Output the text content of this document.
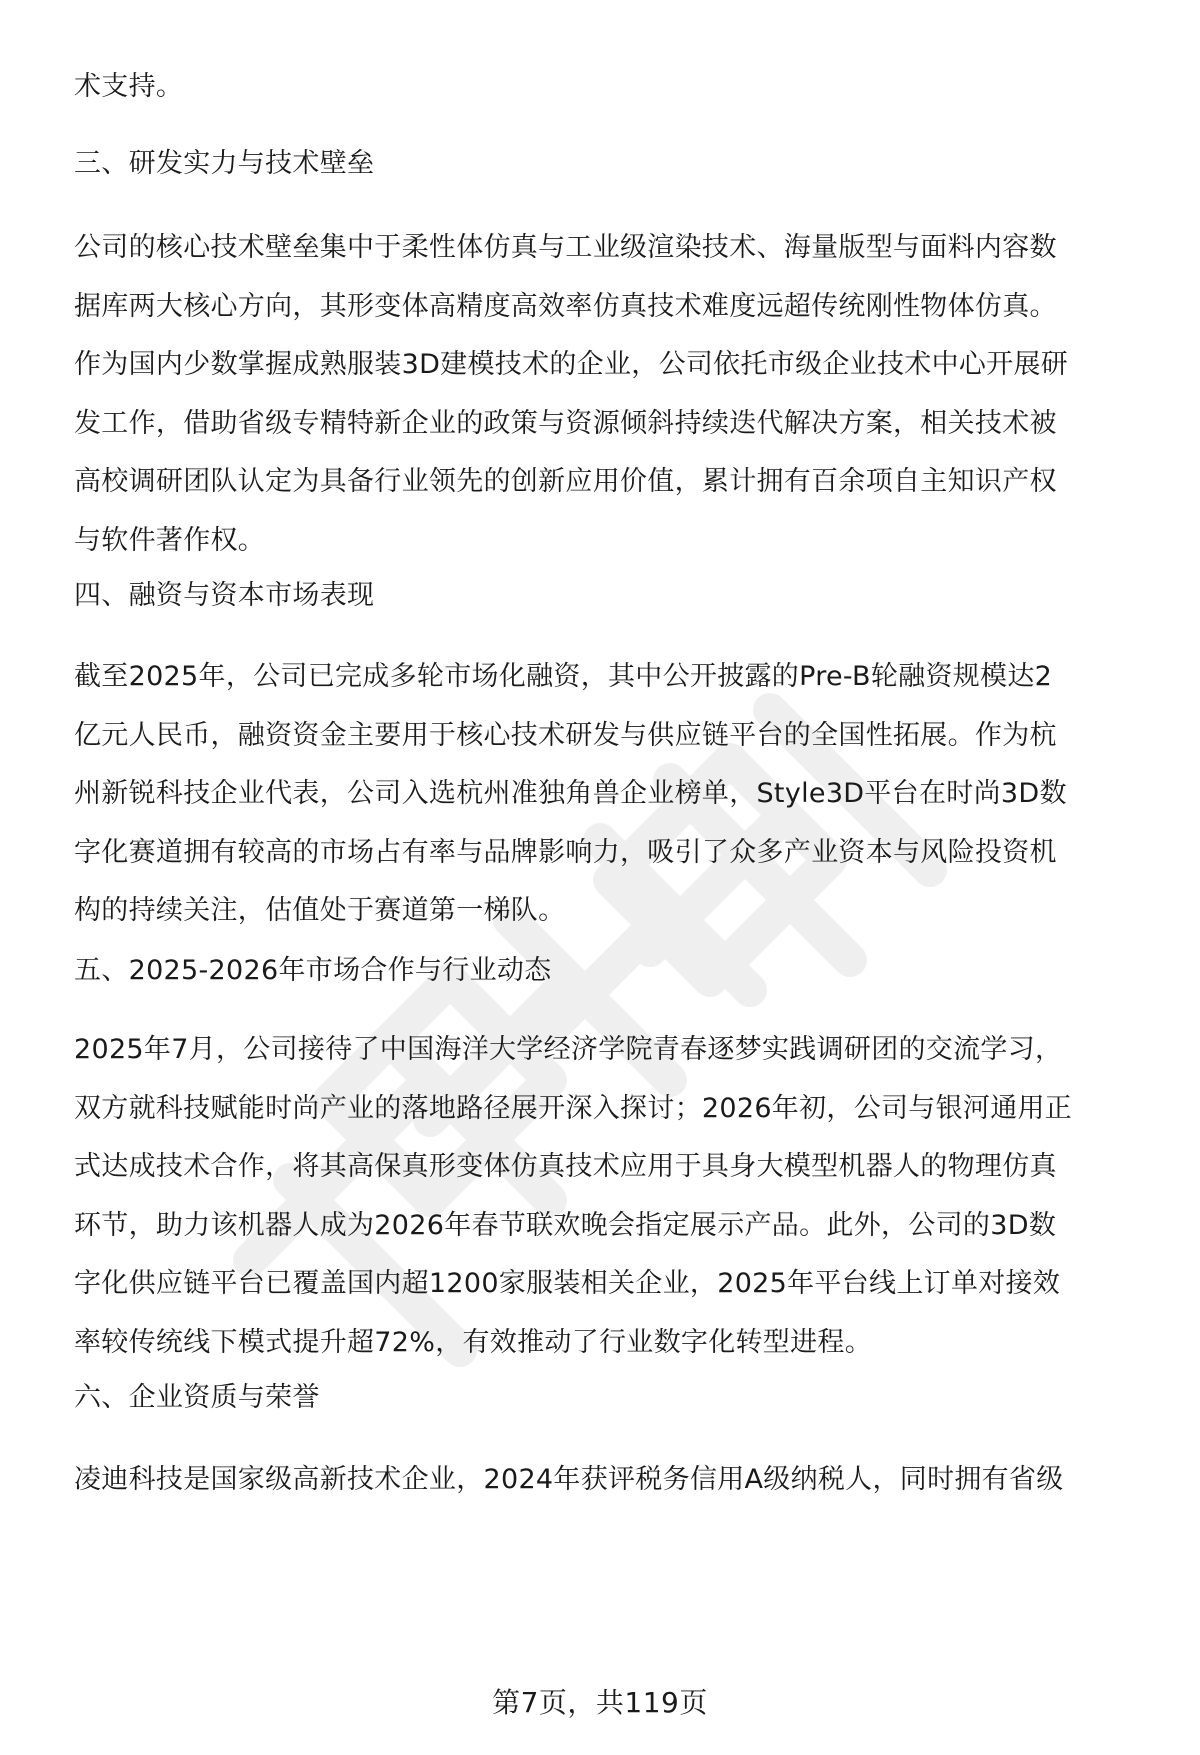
术支持。
三、研发实力与技术壁垒
公司的核心技术壁垒集中于柔性体仿真与工业级渲染技术、海量版型与面料内容数
据库两大核心方向，其形变体高精度高效率仿真技术难度远超传统刚性物体仿真。
作为国内少数掌握成熟服装3D建模技术的企业，公司依托市级企业技术中心开展研
发工作，借助省级专精特新企业的政策与资源倾斜持续迭代解决方案，相关技术被
高校调研团队认定为具备行业领先的创新应用价值，累计拥有百余项自主知识产权
与软件著作权。
四、融资与资本市场表现
截至2025年，公司已完成多轮市场化融资，其中公开披露的Pre-B轮融资规模达2
亿元人民币，融资资金主要用于核心技术研发与供应链平台的全国性拓展。作为杭
州新锐科技企业代表，公司入选杭州准独角兽企业榜单，Style3D平台在时尚3D数
字化赛道拥有较高的市场占有率与品牌影响力，吸引了众多产业资本与风险投资机
构的持续关注，估值处于赛道第一梯队。
五、2025-2026年市场合作与行业动态
2025年7月，公司接待了中国海洋大学经济学院青春逐梦实践调研团的交流学习，
双方就科技赋能时尚产业的落地路径展开深入探讨；2026年初，公司与银河通用正
式达成技术合作，将其高保真形变体仿真技术应用于具身大模型机器人的物理仿真
环节，助力该机器人成为2026年春节联欢晚会指定展示产品。此外，公司的3D数
字化供应链平台已覆盖国内超1200家服装相关企业，2025年平台线上订单对接效
率较传统线下模式提升超72%，有效推动了行业数字化转型进程。
六、企业资质与荣誉
凌迪科技是国家级高新技术企业，2024年获评税务信用A级纳税人，同时拥有省级
第7页，共119页
